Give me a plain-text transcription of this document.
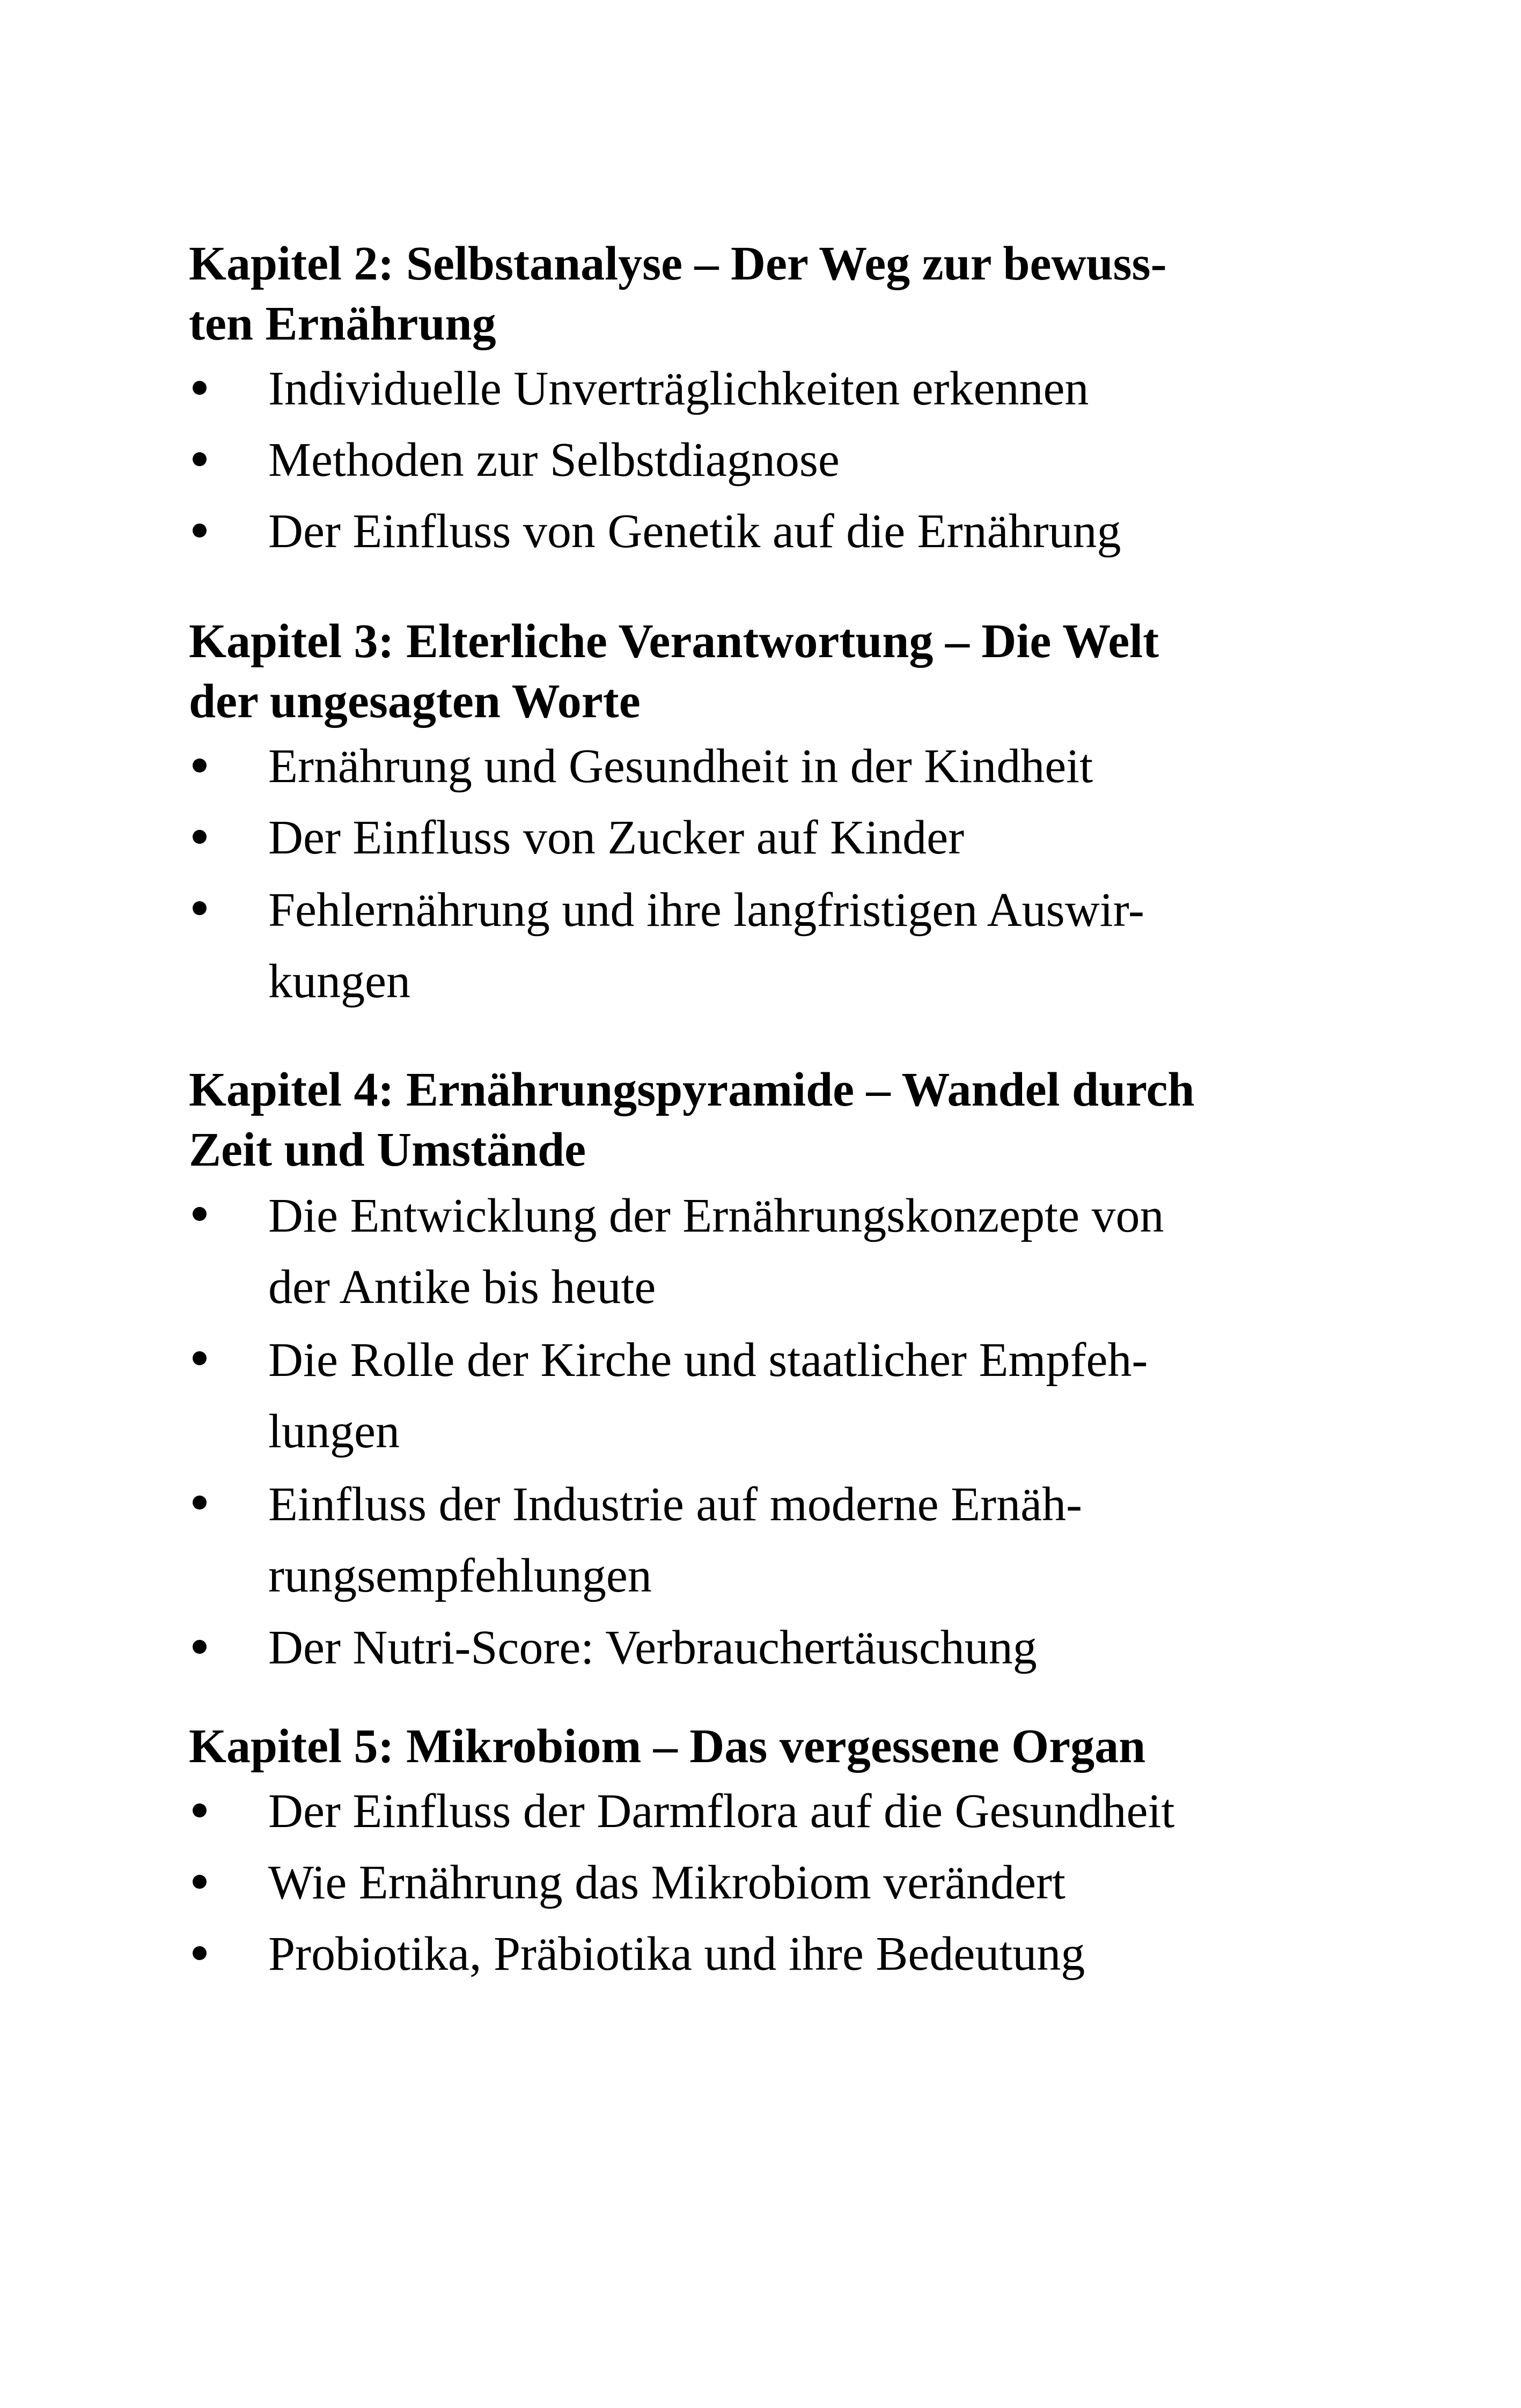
Kapitel 2: Selbstanalyse – Der Weg zur bewuss-
ten Ernährung
Individuelle Unverträglichkeiten erkennen
Methoden zur Selbstdiagnose
Der Einfluss von Genetik auf die Ernährung
Kapitel 3: Elterliche Verantwortung – Die Welt
der ungesagten Worte
Ernährung und Gesundheit in der Kindheit
Der Einfluss von Zucker auf Kinder
Fehlernährung und ihre langfristigen Auswir-
kungen
Kapitel 4: Ernährungspyramide – Wandel durch
Zeit und Umstände
Die Entwicklung der Ernährungskonzepte von
der Antike bis heute
Die Rolle der Kirche und staatlicher Empfeh-
lungen
Einfluss der Industrie auf moderne Ernäh-
rungsempfehlungen
Der Nutri-Score: Verbrauchertäuschung
Kapitel 5: Mikrobiom – Das vergessene Organ
Der Einfluss der Darmflora auf die Gesundheit
Wie Ernährung das Mikrobiom verändert
Probiotika, Präbiotika und ihre Bedeutung
